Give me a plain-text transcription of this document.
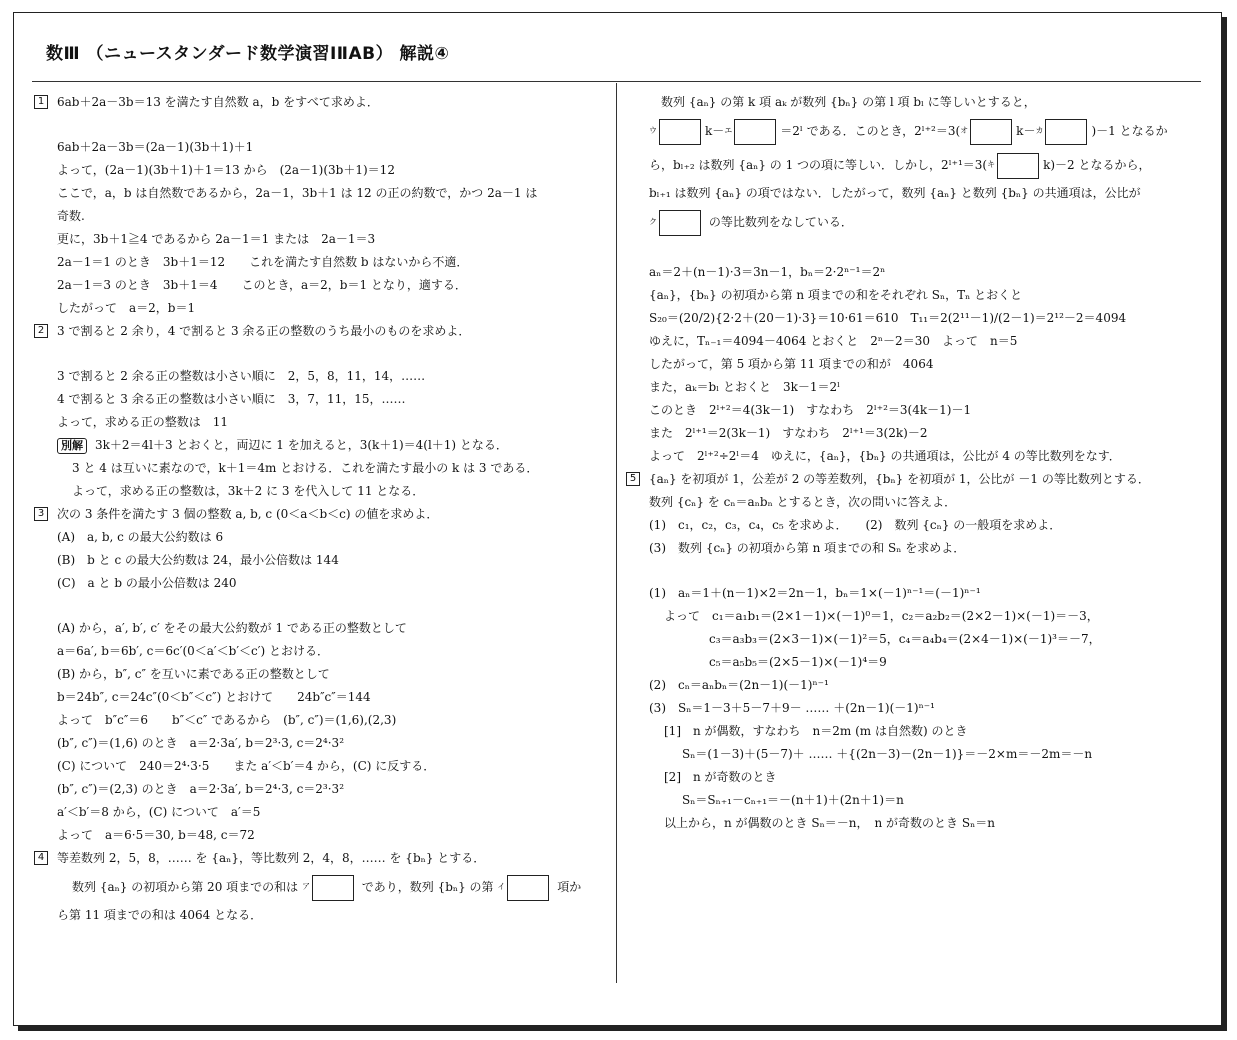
数Ⅲ （ニュースタンダード数学演習ⅠⅡAB） 解説④
1	6ab＋2a－3b＝13 を満たす自然数 a，b をすべて求めよ．
6ab＋2a－3b＝(2a－1)(3b＋1)＋1
よって，(2a－1)(3b＋1)＋1＝13 から　(2a－1)(3b＋1)＝12
ここで，a，b は自然数であるから，2a－1，3b＋1 は 12 の正の約数で，かつ 2a－1 は
奇数.
更に，3b＋1≧4 であるから 2a－1＝1 または　2a－1＝3
2a－1＝1 のとき　3b＋1＝12　　これを満たす自然数 b はないから不適．
2a－1＝3 のとき　3b＋1＝4　　このとき，a＝2，b＝1 となり，適する．
したがって　a＝2，b＝1
2	3 で割ると 2 余り，4 で割ると 3 余る正の整数のうち最小のものを求めよ．
3 で割ると 2 余る正の整数は小さい順に　2，5，8，11，14，……
4 で割ると 3 余る正の整数は小さい順に　3，7，11，15，……
よって，求める正の整数は　11
別解 3k＋2＝4l＋3 とおくと，両辺に 1 を加えると，3(k＋1)＝4(l＋1) となる．
3 と 4 は互いに素なので，k＋1＝4m とおける．これを満たす最小の k は 3 である．
よって，求める正の整数は，3k＋2 に 3 を代入して 11 となる．
3	次の 3 条件を満たす 3 個の整数 a, b, c (0＜a＜b＜c) の値を求めよ．
(A)　a, b, c の最大公約数は 6
(B)　b と c の最大公約数は 24，最小公倍数は 144
(C)　a と b の最小公倍数は 240
(A) から，a′, b′, c′ をその最大公約数が 1 である正の整数として
a＝6a′, b＝6b′, c＝6c′(0＜a′＜b′＜c′) とおける．
(B) から，b″, c″ を互いに素である正の整数として
b＝24b″, c＝24c″(0＜b″＜c″) とおけて　　24b″c″＝144
よって　b″c″＝6　　b″＜c″ であるから　(b″, c″)＝(1,6),(2,3)
(b″, c″)＝(1,6) のとき　a＝2·3a′, b＝2³·3, c＝2⁴·3²
(C) について　240＝2⁴·3·5　　また a′＜b′＝4 から，(C) に反する．
(b″, c″)＝(2,3) のとき　a＝2·3a′, b＝2⁴·3, c＝2³·3²
a′＜b′＝8 から，(C) について　a′＝5
よって　a＝6·5＝30, b＝48, c＝72
4	等差数列 2，5，8，…… を {aₙ}，等比数列 2，4，8，…… を {bₙ} とする．
数列 {aₙ} の初項から第 20 項までの和は $^ア$	であり，数列 {bₙ} の第 $^イ$	項か
ら第 11 項までの和は 4064 となる．
　数列 {aₙ} の第 k 項 aₖ が数列 {bₙ} の第 l 項 bₗ に等しいとすると，
$^ウ$	k－$^エ$	＝2ˡ である．このとき，2ˡ⁺²＝3($^オ$	k－$^カ$	)－1 となるか
ら，bₗ₊₂ は数列 {aₙ} の 1 つの項に等しい．しかし，2ˡ⁺¹＝3($^キ$	k)－2 となるから，
bₗ₊₁ は数列 {aₙ} の項ではない．したがって，数列 {aₙ} と数列 {bₙ} の共通項は，公比が
$^ク$	の等比数列をなしている．
aₙ＝2＋(n－1)·3＝3n－1，bₙ＝2·2ⁿ⁻¹＝2ⁿ
{aₙ}，{bₙ} の初項から第 n 項までの和をそれぞれ Sₙ，Tₙ とおくと
S₂₀＝(20/2){2·2＋(20－1)·3}＝10·61＝610　T₁₁＝2(2¹¹－1)/(2－1)＝2¹²－2＝4094
ゆえに，Tₙ₋₁＝4094－4064 とおくと　2ⁿ－2＝30　よって　n＝5
したがって，第 5 項から第 11 項までの和が　4064
また，aₖ＝bₗ とおくと　3k－1＝2ˡ
このとき　2ˡ⁺²＝4(3k－1)　すなわち　2ˡ⁺²＝3(4k－1)－1
また　2ˡ⁺¹＝2(3k－1)　すなわち　2ˡ⁺¹＝3(2k)－2
よって　2ˡ⁺²÷2ˡ＝4　ゆえに，{aₙ}，{bₙ} の共通項は，公比が 4 の等比数列をなす．
5	{aₙ} を初項が 1，公差が 2 の等差数列，{bₙ} を初項が 1，公比が －1 の等比数列とする．
数列 {cₙ} を cₙ＝aₙbₙ とするとき，次の問いに答えよ．
(1)　c₁，c₂，c₃，c₄，c₅ を求めよ．　　(2)　数列 {cₙ} の一般項を求めよ．
(3)　数列 {cₙ} の初項から第 n 項までの和 Sₙ を求めよ．
(1)　aₙ＝1＋(n－1)×2＝2n－1，bₙ＝1×(－1)ⁿ⁻¹＝(－1)ⁿ⁻¹
よって　c₁＝a₁b₁＝(2×1－1)×(－1)⁰＝1，c₂＝a₂b₂＝(2×2－1)×(－1)＝－3，
c₃＝a₃b₃＝(2×3－1)×(－1)²＝5，c₄＝a₄b₄＝(2×4－1)×(－1)³＝－7，
c₅＝a₅b₅＝(2×5－1)×(－1)⁴＝9
(2)　cₙ＝aₙbₙ＝(2n－1)(－1)ⁿ⁻¹
(3)　Sₙ＝1－3＋5－7＋9－ …… ＋(2n－1)(－1)ⁿ⁻¹
[1]　n が偶数，すなわち　n＝2m (m は自然数) のとき
Sₙ＝(1－3)＋(5－7)＋ …… ＋{(2n－3)－(2n－1)}＝－2×m＝－2m＝－n
[2]　n が奇数のとき
Sₙ＝Sₙ₊₁－cₙ₊₁＝－(n＋1)＋(2n＋1)＝n
以上から，n が偶数のとき Sₙ＝－n，　n が奇数のとき Sₙ＝n
